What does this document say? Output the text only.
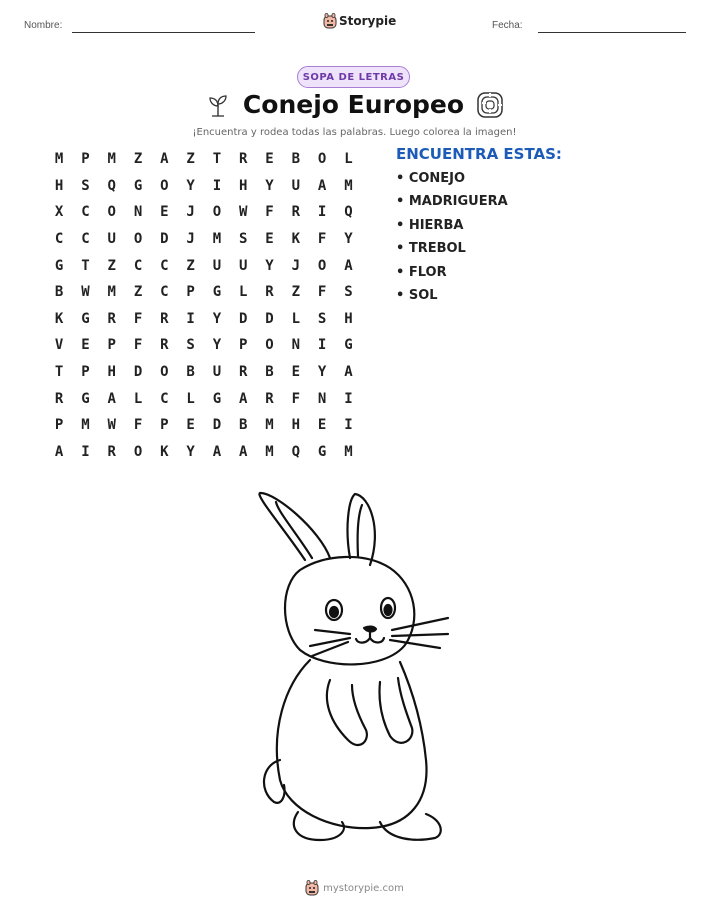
Nombre:	Storypie	Fecha:
SOPA DE LETRAS
Conejo Europeo
¡Encuentra y rodea todas las palabras. Luego colorea la imagen!
M	P	M	Z	A	Z	T	R	E	B	O	L
H	S	Q	G	O	Y	I	H	Y	U	A	M
X	C	O	N	E	J	O	W	F	R	I	Q
C	C	U	O	D	J	M	S	E	K	F	Y
G	T	Z	C	C	Z	U	U	Y	J	O	A
B	W	M	Z	C	P	G	L	R	Z	F	S
K	G	R	F	R	I	Y	D	D	L	S	H
V	E	P	F	R	S	Y	P	O	N	I	G
T	P	H	D	O	B	U	R	B	E	Y	A
R	G	A	L	C	L	G	A	R	F	N	I
P	M	W	F	P	E	D	B	M	H	E	I
A	I	R	O	K	Y	A	A	M	Q	G	M
ENCUENTRA ESTAS:
• CONEJO
• MADRIGUERA
• HIERBA
• TREBOL
• FLOR
• SOL
mystorypie.com
